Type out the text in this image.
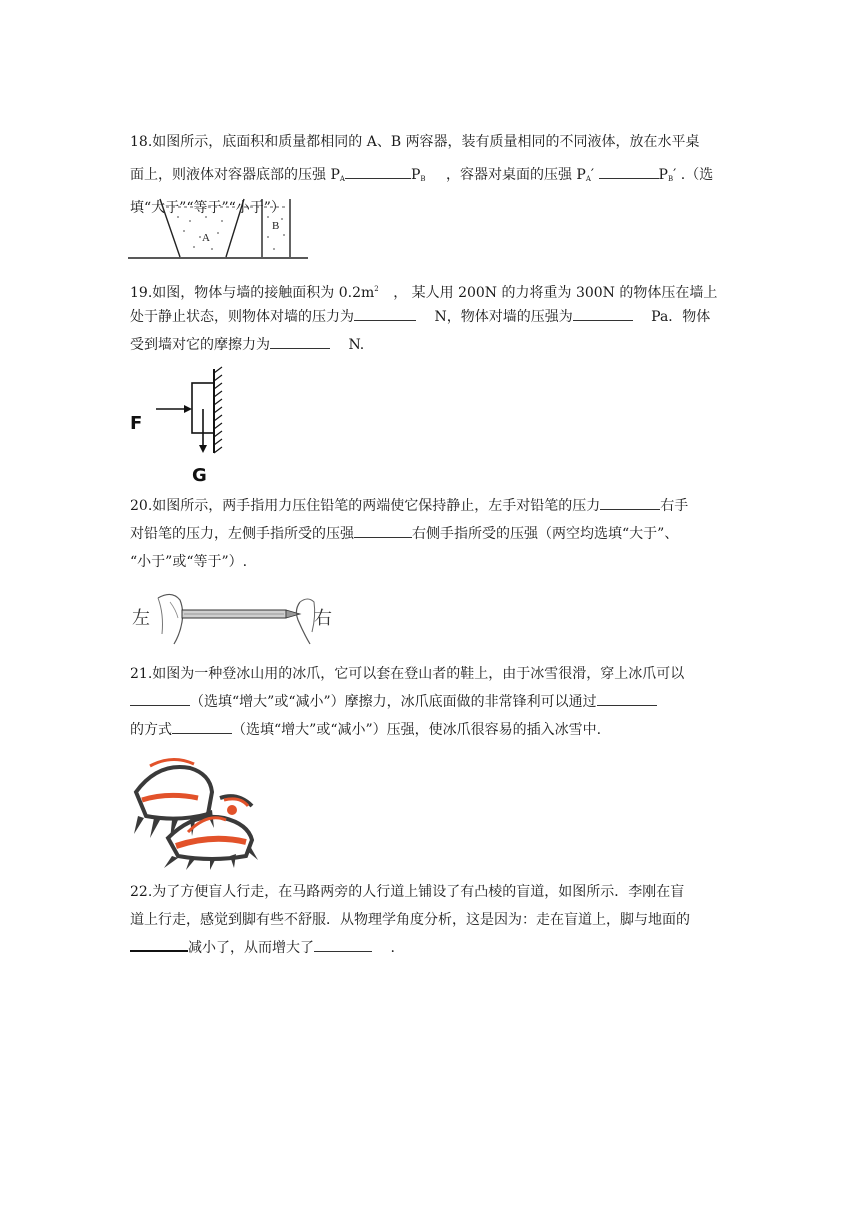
18.如图所示，底面积和质量都相同的 A、B 两容器，装有质量相同的不同液体，放在水平桌
面上，则液体对容器底部的压强 $P_A$	$P_B$ ，容器对桌面的压强 $P_A'$	$P_B'$ .（选
填“大于”“等于”“小于”）
A
B
19.如图，物体与墙的接触面积为 $0.2m^2$ ， 某人用 200N 的力将重为 300N 的物体压在墙上
处于静止状态，则物体对墙的压力为	N，物体对墙的压强为	Pa．物体
受到墙对它的摩擦力为	N.
F
G
20.如图所示，两手指用力压住铅笔的两端使它保持静止，左手对铅笔的压力	右手
对铅笔的压力，左侧手指所受的压强	右侧手指所受的压强（两空均选填“大于”、
“小于”或“等于”）.
左	右
21.如图为一种登冰山用的冰爪，它可以套在登山者的鞋上，由于冰雪很滑，穿上冰爪可以
（选填“增大”或“减小”）摩擦力，冰爪底面做的非常锋利可以通过
的方式	（选填“增大”或“减小”）压强，使冰爪很容易的插入冰雪中.
22.为了方便盲人行走，在马路两旁的人行道上铺设了有凸棱的盲道，如图所示．李刚在盲
道上行走，感觉到脚有些不舒服．从物理学角度分析，这是因为：走在盲道上，脚与地面的
减小了，从而增大了	.
